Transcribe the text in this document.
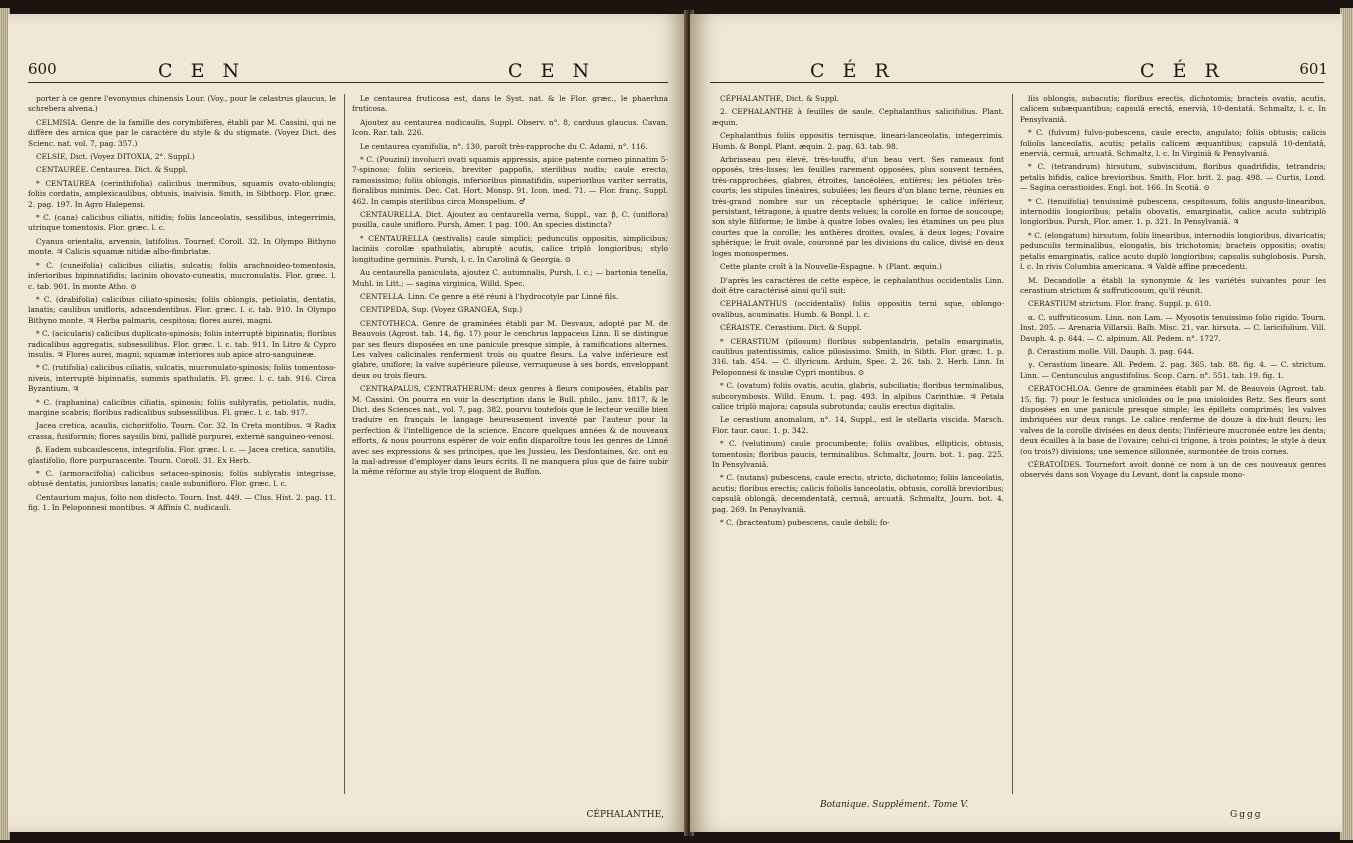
600	C E N	C E N

porter à ce genre l'evonymus chinensis Lour. (Voy., pour le celastrus glaucus, le schrebera alvena.)

CELMISIA. Genre de la famille des corymbifères, établi par M. Cassini, qui ne diffère des arnica que par le caractère du style & du stigmate. (Voyez Dict. des Scienc. nat. vol. 7, pag. 357.)

CELSIE, Dict. (Voyez DITOXIA, 2°. Suppl.)

CENTAURÉE. Centaurea. Dict. & Suppl.

* CENTAUREA (cerinthifolia) calicibus inermibus, squamis ovato-oblongis; foliis cordatis, amplexicaulibus, obtusis, inaivisis. Smith, in Sibthorp. Flor. græc. 2. pag. 197. In Agro Halepensi.

* C. (cana) calicibus ciliatis, nitidis; foliis lanceolatis, sessilibus, integerrimis, utrinque tomentosis. Flor. græc. l. c.

Cyanus orientalis, arvensis, latifolius. Tournef. Coroll. 32. In Olympo Bithyno monte. ♃ Calicis squamæ nitidæ albo-fimbriatæ.

* C. (cuneifolia) calicibus ciliatis, sulcatis; foliis arachnoideo-tomentosis, inferioribus bipinnatifidis; laciniis obovato-cuneatis, mucronulatis. Flor. græc. l. c. tab. 901. In monte Atho. ⊙

* C. (drabifolia) calicibus ciliato-spinosis; foliis oblongis, petiolatis, dentatis, lanatis; caulibus unifloris, adscendentibus. Flor. græc. l. c. tab. 910. In Olympo Bithyno monte. ♃ Herba palmaris, cespitosa; flores aurei, magni.

* C. (acicularis) calicibus duplicato-spinosis; foliis interruptè bipinnatis; floribus radicalibus aggregatis, subsessilibus. Flor. græc. l. c. tab. 911. In Litro & Cypro insulis. ♃ Flores aurei, magni; squamæ interiores sub apice atro-sanguineæ.

* C. (rutifolia) calicibus ciliatis, sulcatis, mucronulato-spinosis; foliis tomentoso-niveis, interruptè bipinnatis, summis spathulatis. Fl. græc. l. c. tab. 916. Circa Byzantium. ♃

* C. (raphanina) calicibus ciliatis, spinosis; foliis sublyratis, petiolatis, nudis, margine scabris; floribus radicalibus subsessilibus. Fl. græc. l. c. tab. 917.

Jacea cretica, acaulis, cichoriifolio. Tourn. Cor. 32. In Creta montibus. ♃ Radix crassa, fusiformis; flores saysilis bini, pallidè purpurei, externè sanguineo-venosi.

β. Eadem subcaulescens, integrifolia. Flor. græc. l. c. — Jacea cretica, sanutilis, glastifolio, flore purpurascente. Tourn. Coroll. 31. Ex Herb.

* C. (armoracifolia) calicibus setaceo-spinosis; foliis sublyratis integrisse, obtusè dentatis, junioribus lanatis; caule subunifloro. Flor. græc. l. c.

Centaurium majus, folio non disfecto. Tourn. Inst. 449. — Clus. Hist. 2. pag. 11. fig. 1. In Peloponnesi montibus. ♃ Affinis C. nudicauli.

Le centaurea fruticosa est, dans le Syst. nat. & le Flor. græc., le phaerhna fruticosa.

Ajoutez au centaurea nudicaulis, Suppl. Observ. n°. 8, carduus glaucus. Cavan. Icon. Rar. tab. 226.

Le centaurea cyanifolia, n°. 130, paroît très-rapproche du C. Adami, n°. 116.

* C. (Pouzini) involucri ovati squamis appressis, apice patente corneo pinnatim 5-7-spinoso; foliis sericeis, breviter pappofis, sterilibus nudis; caule erecto, ramosissimo; foliis oblongis, inferioribus pinnatifidis, superioribus variter serratis, floralibus minimis. Dec. Cat. Hort. Monsp. 91. Icon. ined. 71. — Flor. franç. Suppl. 462. In campis sterilibus circa Monspelium. ♂

CENTAURELLA. Dict. Ajoutez au centaurella verna, Suppl., var. β, C. (uniflora) pusilla, caule unifloro. Pursh, Amer. 1 pag. 100. An species distincta?

* CENTAURELLA (æstivalis) caule simplici; pedunculis oppositis, simplicibus; laciniis corollæ spathulatis, abruptè acutis, calice triplò longioribus; stylo longitudine germinis. Pursh, l. c. In Carolinâ & Georgia. ⊙

Au centaurella paniculata, ajoutez C. autumnalis, Pursh, l. c.; — bartonia tenella, Muhl. in Litt.; — sagina virginica, Willd. Spec.

CENTELLA. Linn. Ce genre a été réuni à l'hydrocotyle par Linné fils.

CENTIPEDA, Sup. (Voyez GRANGEA, Sup.)

CENTOTHECA. Genre de graminées établi par M. Desvaux, adopté par M. de Beauvois (Agrost. tab. 14, fig. 17) pour le cenchrus lappaceus Linn. Il se distingue par ses fleurs disposées en une panicule presque simple, à ramifications alternes. Les valves calicinales renferment trois ou quatre fleurs. La valve inférieure est glabre, uniflore; la valve supérieure pileuse, verruqueuse à ses bords, enveloppant deux ou trois fleurs.

CENTRAPALUS, CENTRATHERUM: deux genres à fleurs composées, établis par M. Cassini. On pourra en voir la description dans le Bull. philo., janv. 1817, & le Dict. des Sciences nat., vol. 7, pag. 382, pourvu toutefois que le lecteur veuille bien traduire en français le langage heureusement inventé par l'auteur pour la perfection & l'intelligence de la science. Encore quelques années & de nouveaux efforts, & nous pourrons espérer de voir enfin disparoître tous les genres de Linné avec ses expressions & ses principes, que les Jussieu, les Desfontaines, &c. ont eu la mal-adresse d'employer dans leurs écrits. Il ne manquera plus que de faire subir la même réforme au style trop éloquent de Buffon.

CÉPHALANTHE,
C É R	C É R	601

CÉPHALANTHE, Dict. & Suppl.

2. CEPHALANTHE à feuilles de saule. Cephalanthus salicifolius. Plant. æquin.

Cephalanthus foliis oppositis ternisque, lineari-lanceolatis, integerrimis. Humb. & Bonpl. Plant. æquin. 2. pag. 63. tab. 98.

Arbrisseau peu élevé, très-touffu, d'un beau vert. Ses rameaux font opposés, très-lisses; les feuilles rarement opposées, plus souvent ternées, très-rapprochées, glabres, étroites, lancéolées, entières; les pétioles très-courts; les stipules linéaires, subulées; les fleurs d'un blanc terne, réunies en très-grand nombre sur un réceptacle sphérique; le calice inférieur, persistant, tétragone, à quatre dents velues; la corolle en forme de soucoupe; son style filiforme; le limbe à quatre lobes ovales; les étamines un peu plus courtes que la corolle; les anthères droites, ovales, à deux loges; l'ovaire sphérique; le fruit ovale, couronné par les divisions du calice, divisé en deux loges monospermes.

Cette plante croît à la Nouvelle-Espagne. ♄ (Plant. æquin.)

D'après les caractères de cette espèce, le cephalanthus occidentalis Linn. doit être caractérisé ainsi qu'il suit:

CEPHALANTHUS (occidentalis) foliis oppositis terni sque, oblongo-ovalibus, acuminatis. Humb. & Bonpl. l. c.

CÉRAISTE. Cerastium. Dict. & Suppl.

* CERASTIUM (pilosum) floribus subpentandris, petalis emarginatis, caulibus patentissimis, calice pilosissimo. Smith, in Sibth. Flor. græc. 1. p. 316. tab. 454. — C. illyricum. Arduin, Spec. 2. 26. tab. 2. Herb. Linn. In Peloponnesi & insulæ Cypri montibus. ⊙

* C. (ovatum) foliis ovatis, acutis, glabris, subciliatis; floribus terminalibus, subcorymbosis. Willd. Enum. 1. pag. 493. In alpibus Carinthiæ. ♃ Petala calice triplò majora; capsula subrotunda; caulis erectus digitalis.

Le cerastium anomalum, n°. 14, Suppl., est le stellaria viscida. Marsch. Flor. taur. cauc. 1. p. 342.

* C. (velutinum) caule procumbente; foliis ovalibus, ellipticis, obtusis, tomentosis; floribus paucis, terminalibus. Schmaltz, Journ. bot. 1. pag. 225. In Pensylvaniâ.

* C. (nutans) pubescens, caule erecto, stricto, dichotomo; foliis lanceolatis, acutis; floribus erectis; calicis foliolis lanceolatis, obtusis, corollâ brevioribus; capsulâ oblongâ, decemdentatâ, cernuâ, arcuatâ. Schmaltz, Journ. bot. 4. pag. 269. In Pensylvaniâ.

* C. (bracteatum) pubescens, caule debili; fo-

liis oblongis, subacutis; floribus erectis, dichotomis; bracteis ovatis, acutis, calicem subæquantibus; capsulâ erectâ, enervià, 10-dentatâ. Schmaltz, l. c. In Pensylvaniâ.

* C. (fulvum) fulvo-pubescens, caule erecto, angulato; foliis obtusis; calicis foliolis lanceolatis, acutis; petalis calicem æquantibus; capsulâ 10-dentatâ, enervià, cernuâ, arcuatâ. Schmaltz, l. c. In Virginiâ & Pensylvaniâ.

* C. (tetrandrum) hirsutum, subviscidum, floribus quadrifidis, tetrandris; petalis bifidis, calice brevioribus. Smith, Flor. brit. 2. pag. 498. — Curtis, Lond. — Sagina cerastioides. Engl. bot. 166. In Scotiâ. ⊙

* C. (tenuifolia) tenuissimè pubescens, cespitosum, foliis angusto-linearibus, internodiis longioribus; petalis obovatis, emarginatis, calice acuto subtriplò longioribus. Pursh, Flor. amer. 1. p. 321. In Pensylvaniâ. ♃

* C. (elongatum) hirsutum, foliis linearibus, internodiis longioribus, divaricatis; pedunculis terminalibus, elongatis, bis trichotomis; bracteis oppositis; ovatis; petalis emarginatis, calice acuto duplò longioribus; capsulis subglobosis. Pursh, l. c. In rivis Columbia americana. ♃ Valdè affine præcedenti.

M. Decandolle a établi la synonymie & les variétés suivantes pour les cerastium strictum & suffruticosum, qu'il réunit.

CERASTIUM strictum. Flor. franç. Suppl. p. 610.

α. C. suffruticosum. Linn. non Lam. — Myosotis tenuissimo folio rigido. Tourn. Inst. 205. — Arenaria Villarsii. Balb. Misc. 21, var. hirsuta. — C. laricifolium. Vill. Dauph. 4. p. 644. — C. alpinum. All. Pedem. n°. 1727.

β. Cerastium molle. Vill. Dauph. 3. pag. 644.

γ. Cerastium lineare. All. Pedem. 2. pag. 365. tab. 88. fig. 4. — C. strictum. Linn. — Centunculus angustifolius. Scop. Carn. n°. 551. tab. 19. fig. 1.

CERATOCHLOA. Genre de graminées établi par M. de Beauvois (Agrost. tab. 15, fig. 7) pour le festuca unioloides ou le poa unioloides Retz. Ses fleurs sont disposées en une panicule presque simple; les épillets comprimés; les valves imbriquées sur deux rangs. Le calice renferme de douze à dix-huit fleurs; les valves de la corolle divisées en deux dents; l'inférieure mucronée entre les dents; deux écailles à la base de l'ovaire; celui-ci trigone, à trois pointes; le style à deux (ou trois?) divisions; une semence sillonnée, surmontée de trois cornes.

CÉRATOÏDES. Tournefort avoit donné ce nom à un de ces nouveaux genres observés dans son Voyage du Levant, dont la capsule mono-

Botanique. Supplément. Tome V.
Gggg
